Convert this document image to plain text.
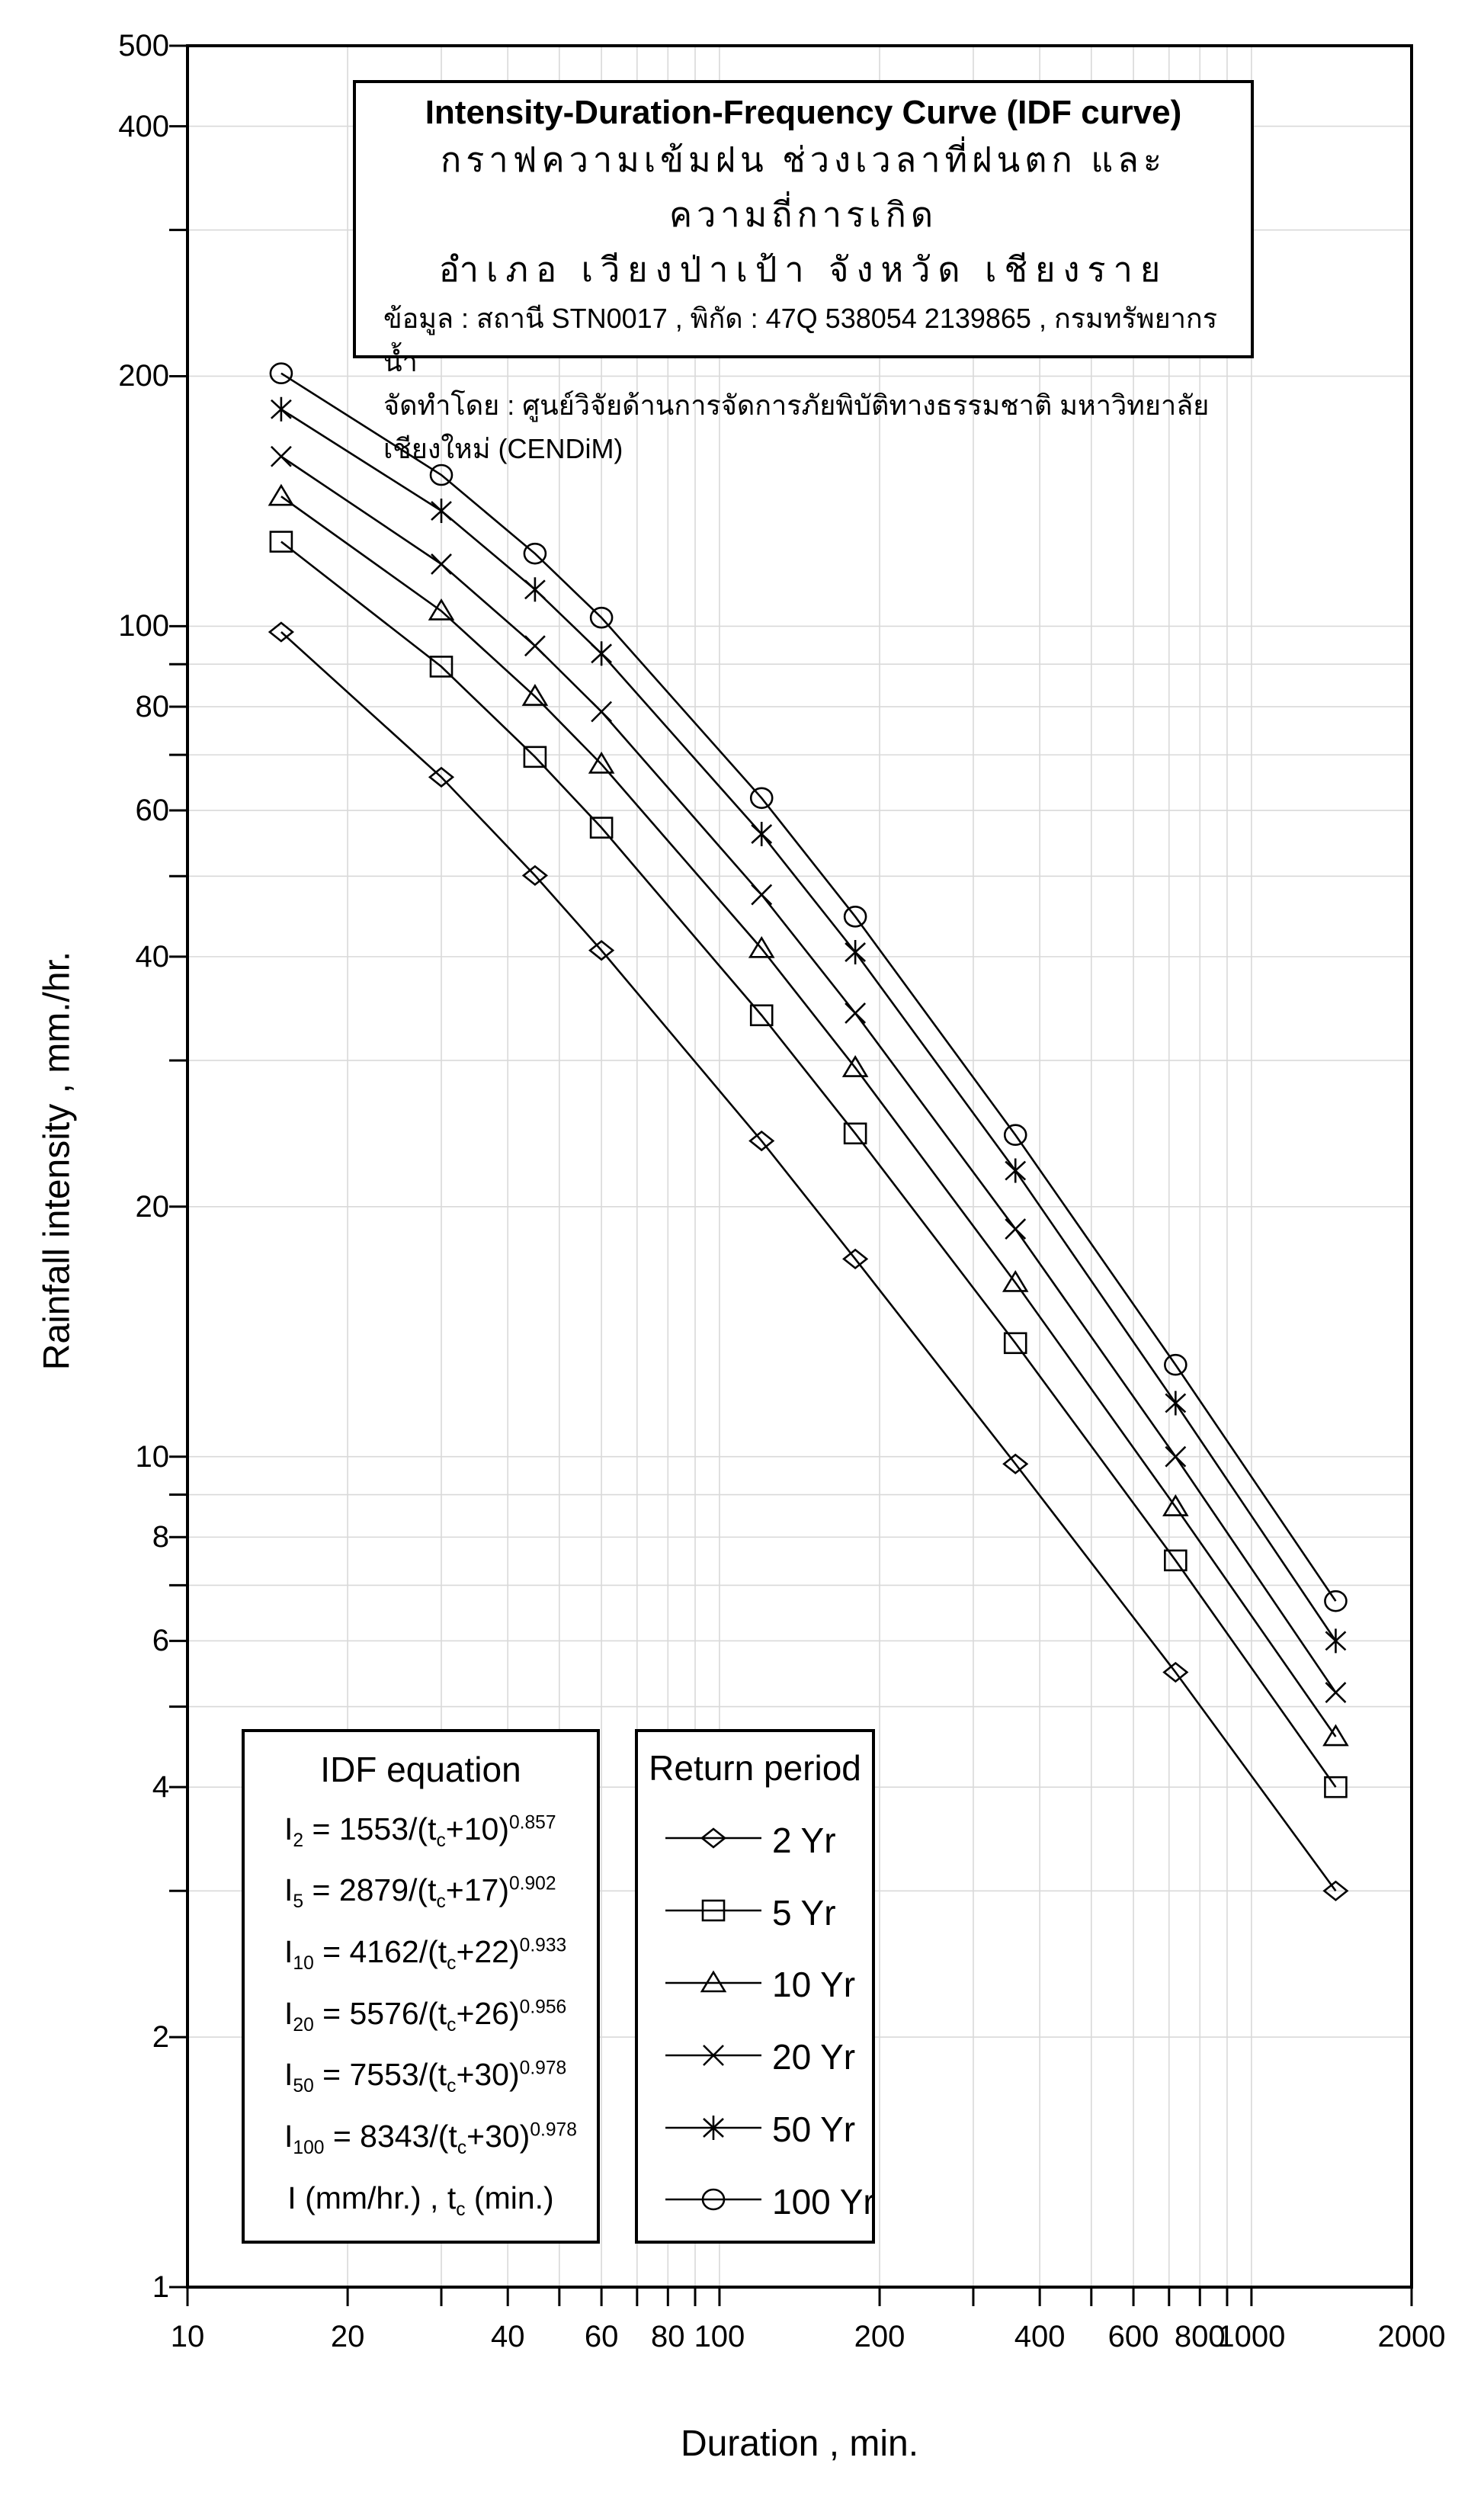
500
400
200
100
80
60
40
20
10
8
6
4
2
1
10	20	40	60	80 100	200	400	600 800
1000	2000
Rainfall intensity , mm./hr.
Duration , min.
Intensity-Duration-Frequency Curve (IDF curve)
กราฟความเข้มฝน ช่วงเวลาที่ฝนตก และความถี่การเกิด
อำเภอ เวียงป่าเป้า จังหวัด เชียงราย
ข้อมูล : สถานี STN0017 , พิกัด : 47Q 538054 2139865 , กรมทรัพยากรน้ำ
จัดทำโดย : ศูนย์วิจัยด้านการจัดการภัยพิบัติทางธรรมชาติ มหาวิทยาลัยเชียงใหม่ (CENDiM)
IDF equation
$I_2 = 1553/(t_c+10)^{0.857}$
$I_5 = 2879/(t_c+17)^{0.902}$
$I_{10} = 4162/(t_c+22)^{0.933}$
$I_{20} = 5576/(t_c+26)^{0.956}$
$I_{50} = 7553/(t_c+30)^{0.978}$
$I_{100} = 8343/(t_c+30)^{0.978}$
I (mm/hr.) , $t_c$ (min.)
Return period
2 Yr
5 Yr
10 Yr
20 Yr
50 Yr
100 Yr
